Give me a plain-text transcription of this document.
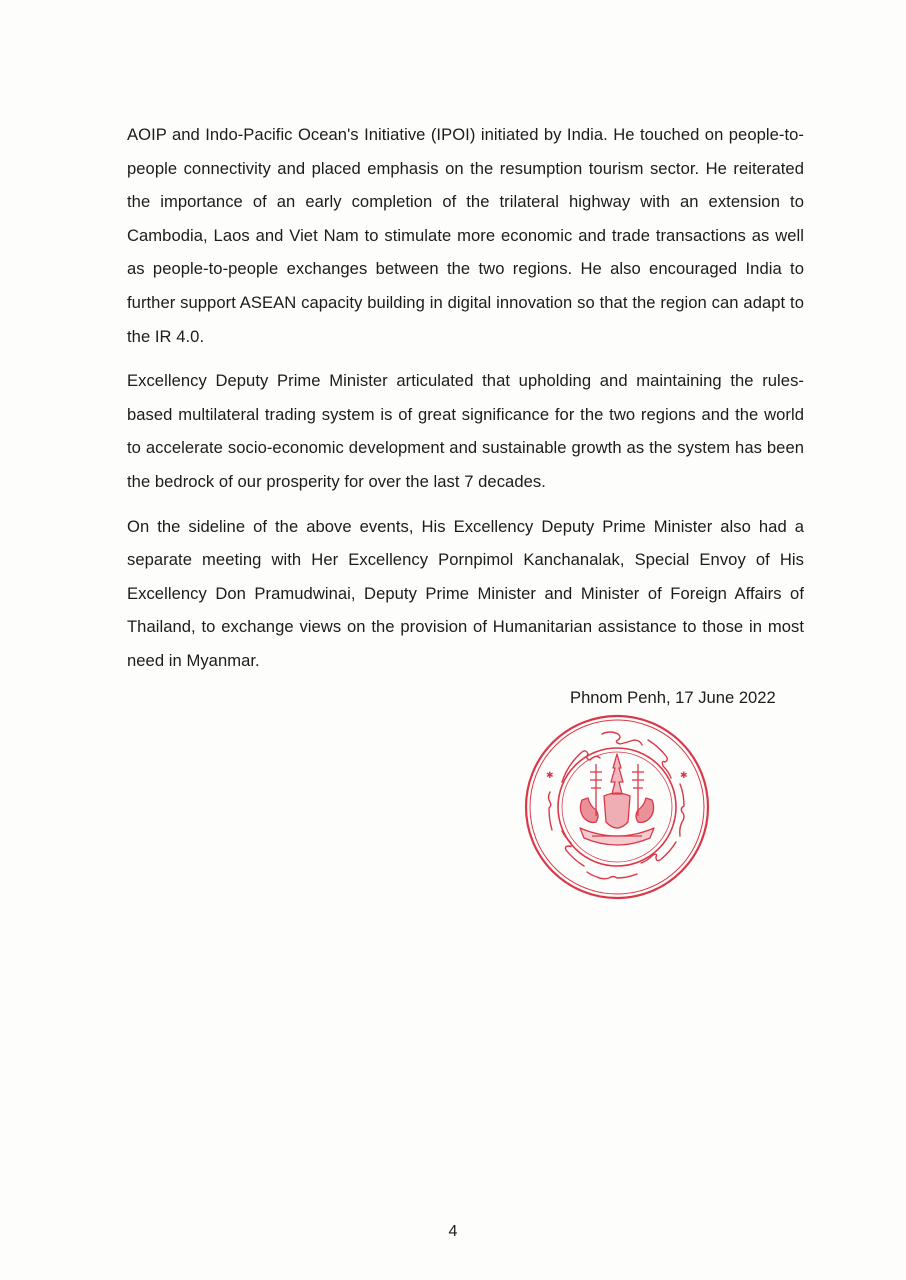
AOIP and Indo-Pacific Ocean's Initiative (IPOI) initiated by India. He touched on people-to-people connectivity and placed emphasis on the resumption tourism sector. He reiterated the importance of an early completion of the trilateral highway with an extension to Cambodia, Laos and Viet Nam to stimulate more economic and trade transactions as well as people-to-people exchanges between the two regions. He also encouraged India to further support ASEAN capacity building in digital innovation so that the region can adapt to the IR 4.0.

Excellency Deputy Prime Minister articulated that upholding and maintaining the rules-based multilateral trading system is of great significance for the two regions and the world to accelerate socio-economic development and sustainable growth as the system has been the bedrock of our prosperity for over the last 7 decades.

On the sideline of the above events, His Excellency Deputy Prime Minister also had a separate meeting with Her Excellency Pornpimol Kanchanalak, Special Envoy of His Excellency Don Pramudwinai, Deputy Prime Minister and Minister of Foreign Affairs of Thailand, to exchange views on the provision of Humanitarian assistance to those in most need in Myanmar.

Phnom Penh, 17 June 2022
✱	✱
4
